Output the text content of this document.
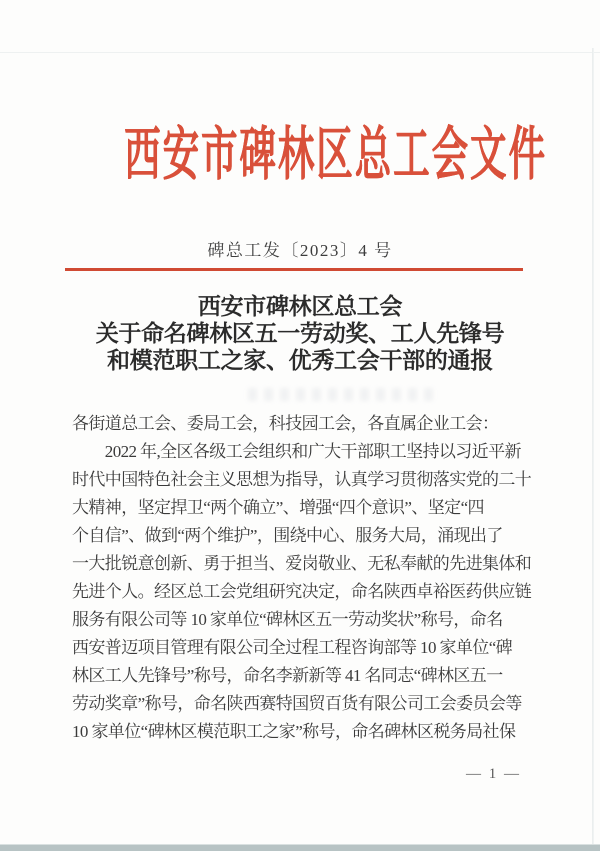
西安市碑林区总工会文件
碑总工发〔2023〕4 号
西安市碑林区总工会
关于命名碑林区五一劳动奖、工人先锋号
和模范职工之家、优秀工会干部的通报
各街道总工会、委局工会，科技园工会，各直属企业工会：
　　2022 年,全区各级工会组织和广大干部职工坚持以习近平新
时代中国特色社会主义思想为指导，认真学习贯彻落实党的二十
大精神，坚定捍卫“两个确立”、增强“四个意识”、坚定“四
个自信”、做到“两个维护”，围绕中心、服务大局，涌现出了
一大批锐意创新、勇于担当、爱岗敬业、无私奉献的先进集体和
先进个人。经区总工会党组研究决定，命名陕西卓裕医药供应链
服务有限公司等 10 家单位“碑林区五一劳动奖状”称号，命名
西安普迈项目管理有限公司全过程工程咨询部等 10 家单位“碑
林区工人先锋号”称号，命名李新新等 41 名同志“碑林区五一
劳动奖章”称号，命名陕西赛特国贸百货有限公司工会委员会等
10 家单位“碑林区模范职工之家”称号，命名碑林区税务局社保
— 1 —
